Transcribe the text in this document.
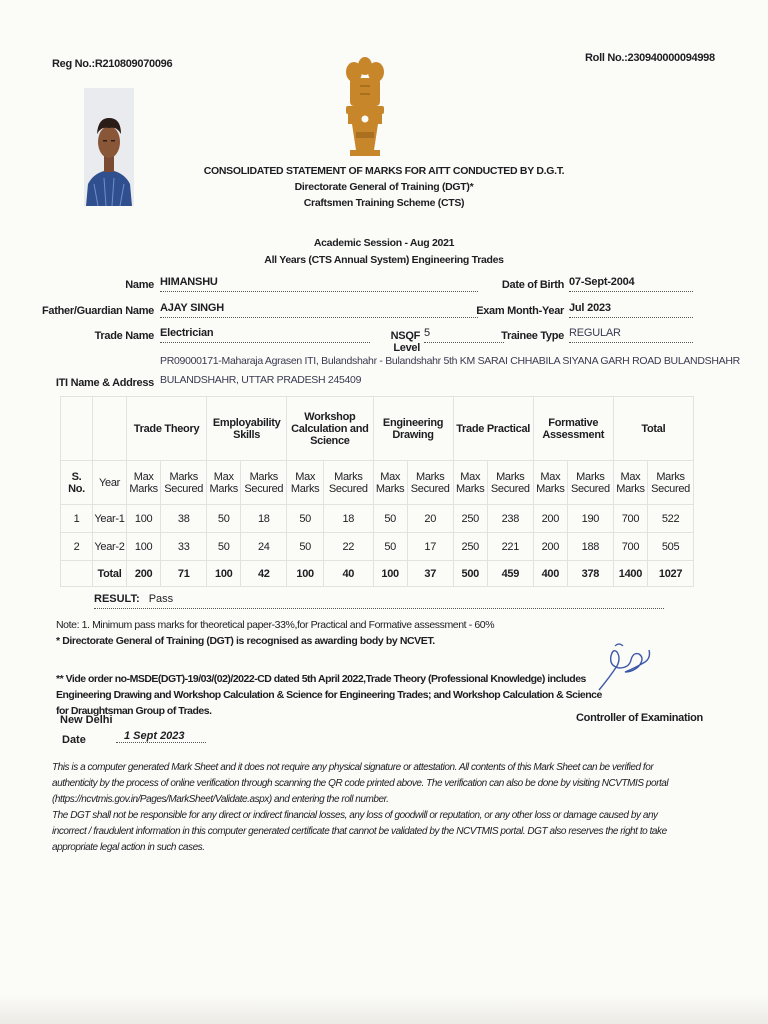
Reg No.:R210809070096	Roll No.:230940000094998
CONSOLIDATED STATEMENT OF MARKS FOR AITT CONDUCTED BY D.G.T.
Directorate General of Training (DGT)*
Craftsmen Training Scheme (CTS)
Academic Session - Aug 2021
All Years (CTS Annual System) Engineering Trades
Name HIMANSHU	Date of Birth 07-Sept-2004
Father/Guardian Name AJAY SINGH	Exam Month-Year Jul 2023
Trade Name Electrician	NSQF Level
5	Trainee Type REGULAR
PR09000171-Maharaja Agrasen ITI, Bulandshahr - Bulandshahr 5th KM SARAI CHHABILA SIYANA GARH ROAD BULANDSHAHR
ITI Name & Address BULANDSHAHR, UTTAR PRADESH 245409
		Trade Theory		Employability Skills		Workshop Calculation and Science		Engineering Drawing		Trade Practical		Formative Assessment		Total	
S. No.	Year	Max Marks	Marks Secured	Max Marks	Marks Secured	Max Marks	Marks Secured	Max Marks	Marks Secured	Max Marks	Marks Secured	Max Marks	Marks Secured	Max Marks	Marks Secured
1	Year-1	100	38	50	18	50	18	50	20	250	238	200	190	700	522
2	Year-2	100	33	50	24	50	22	50	17	250	221	200	188	700	505
	Total	200	71	100	42	100	40	100	37	500	459	400	378	1400	1027
RESULT: Pass
Note: 1. Minimum pass marks for theoretical paper-33%,for Practical and Formative assessment - 60%
* Directorate General of Training (DGT) is recognised as awarding body by NCVET.
** Vide order no-MSDE(DGT)-19/03/(02)/2022-CD dated 5th April 2022,Trade Theory (Professional Knowledge) includes Engineering Drawing and Workshop Calculation & Science for Engineering Trades; and Workshop Calculation & Science for Draughtsman Group of Trades.
Controller of Examination
New Delhi
Date	1 Sept 2023
This is a computer generated Mark Sheet and it does not require any physical signature or attestation. All contents of this Mark Sheet can be verified for authenticity by the process of online verification through scanning the QR code printed above. The verification can also be done by visiting NCVTMIS portal (https://ncvtmis.gov.in/Pages/MarkSheet/Validate.aspx) and entering the roll number.
The DGT shall not be responsible for any direct or indirect financial losses, any loss of goodwill or reputation, or any other loss or damage caused by any incorrect / fraudulent information in this computer generated certificate that cannot be validated by the NCVTMIS portal. DGT also reserves the right to take appropriate legal action in such cases.
